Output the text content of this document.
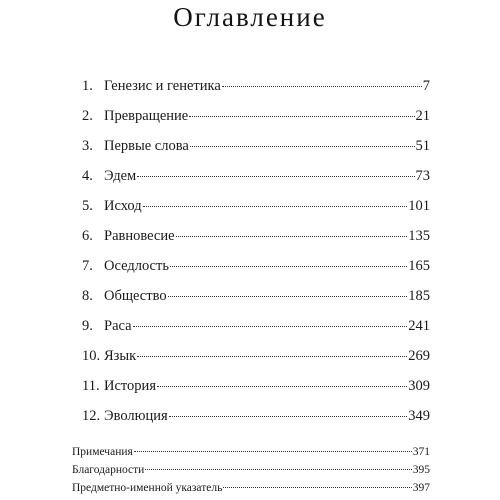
Оглавление
1. Генезис и генетика	7
2. Превращение	21
3. Первые слова	51
4. Эдем	73
5. Исход	101
6. Равновесие	135
7. Оседлость	165
8. Общество	185
9. Раса	241
10. Язык	269
11. История	309
12. Эволюция	349
Примечания	371
Благодарности	395
Предметно-именной указатель	397
